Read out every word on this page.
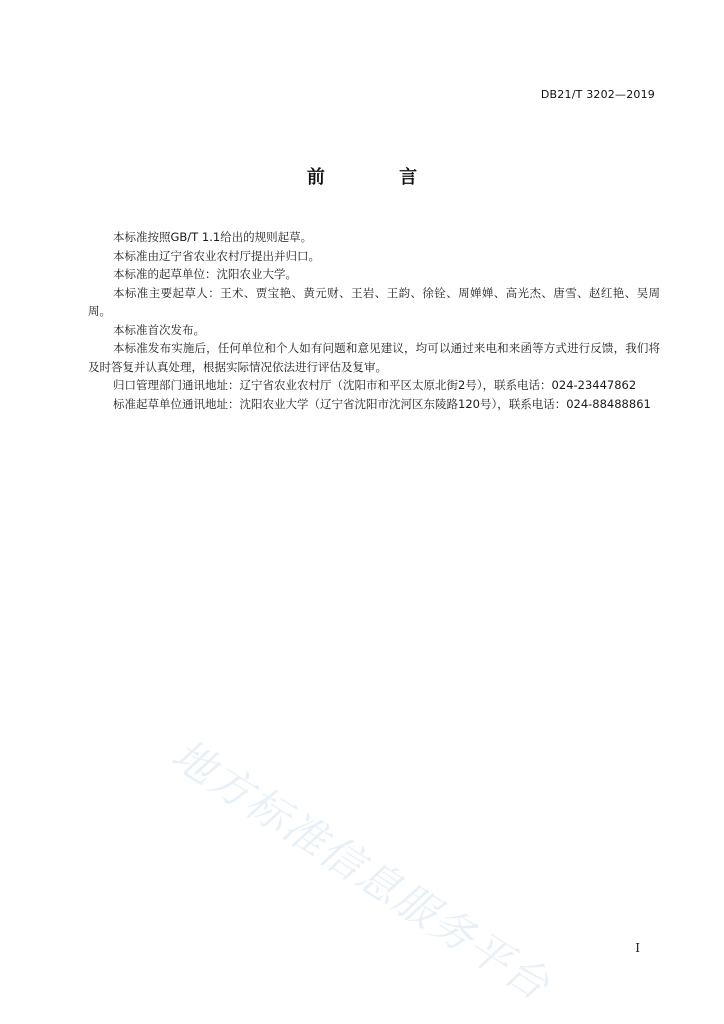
DB21/T 3202—2019
前 言

本标准按照GB/T 1.1给出的规则起草。

本标准由辽宁省农业农村厅提出并归口。

本标准的起草单位：沈阳农业大学。

本标准主要起草人：王术、贾宝艳、黄元财、王岩、王韵、徐铨、周婵婵、高光杰、唐雪、赵红艳、吴周周。

本标准首次发布。

本标准发布实施后，任何单位和个人如有问题和意见建议，均可以通过来电和来函等方式进行反馈，我们将及时答复并认真处理，根据实际情况依法进行评估及复审。

归口管理部门通讯地址：辽宁省农业农村厅（沈阳市和平区太原北街2号），联系电话：024-23447862

标准起草单位通讯地址：沈阳农业大学（辽宁省沈阳市沈河区东陵路120号），联系电话：024-88488861

地方标准信息服务平台	I
